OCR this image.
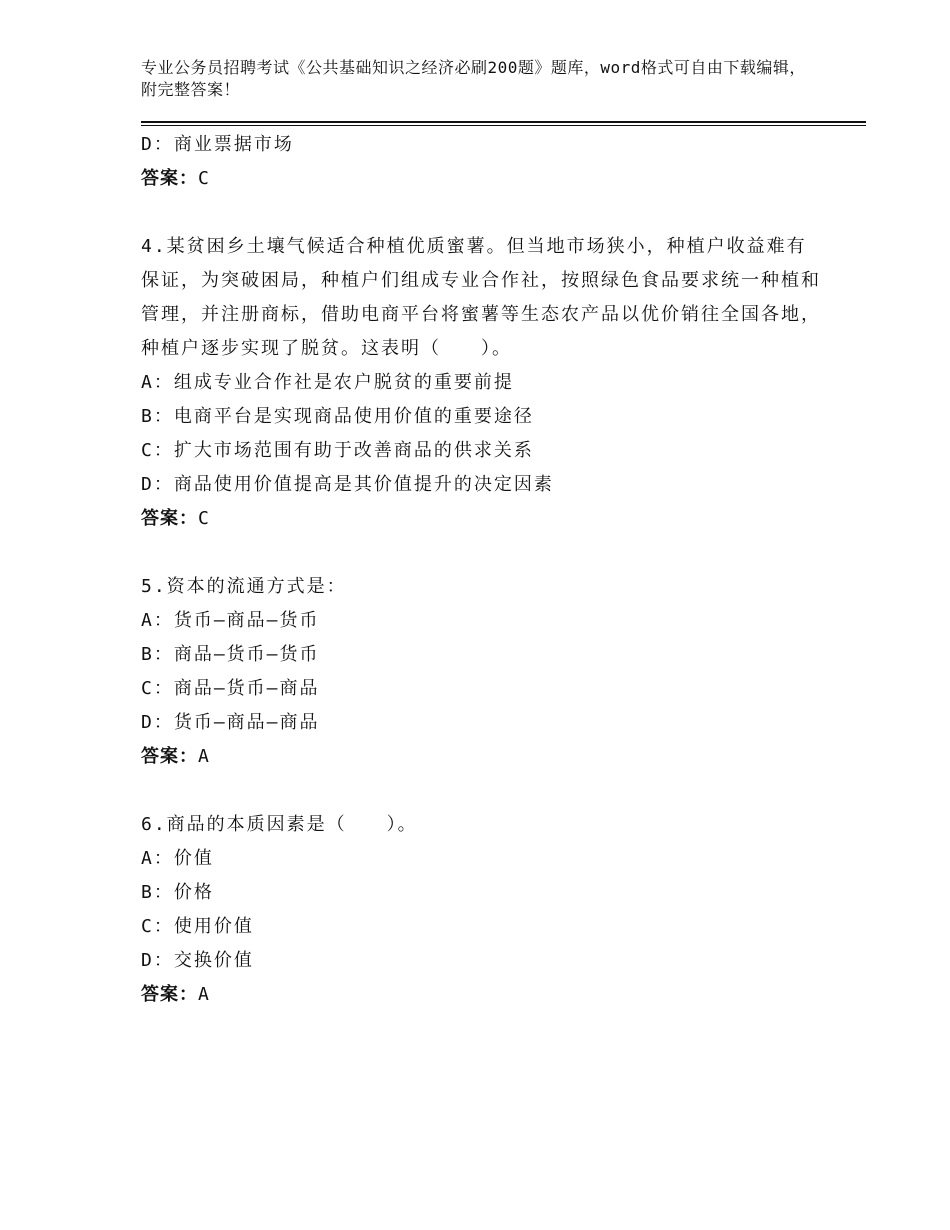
专业公务员招聘考试《公共基础知识之经济必刷200题》题库，word格式可自由下载编辑，附完整答案！
D：商业票据市场
答案：C
4.某贫困乡土壤气候适合种植优质蜜薯。但当地市场狭小，种植户收益难有保证，为突破困局，种植户们组成专业合作社，按照绿色食品要求统一种植和管理，并注册商标，借助电商平台将蜜薯等生态农产品以优价销往全国各地，种植户逐步实现了脱贫。这表明（　　）。
A：组成专业合作社是农户脱贫的重要前提
B：电商平台是实现商品使用价值的重要途径
C：扩大市场范围有助于改善商品的供求关系
D：商品使用价值提高是其价值提升的决定因素
答案：C
5.资本的流通方式是：
A：货币—商品—货币
B：商品—货币—货币
C：商品—货币—商品
D：货币—商品—商品
答案：A
6.商品的本质因素是（　　）。
A：价值
B：价格
C：使用价值
D：交换价值
答案：A
